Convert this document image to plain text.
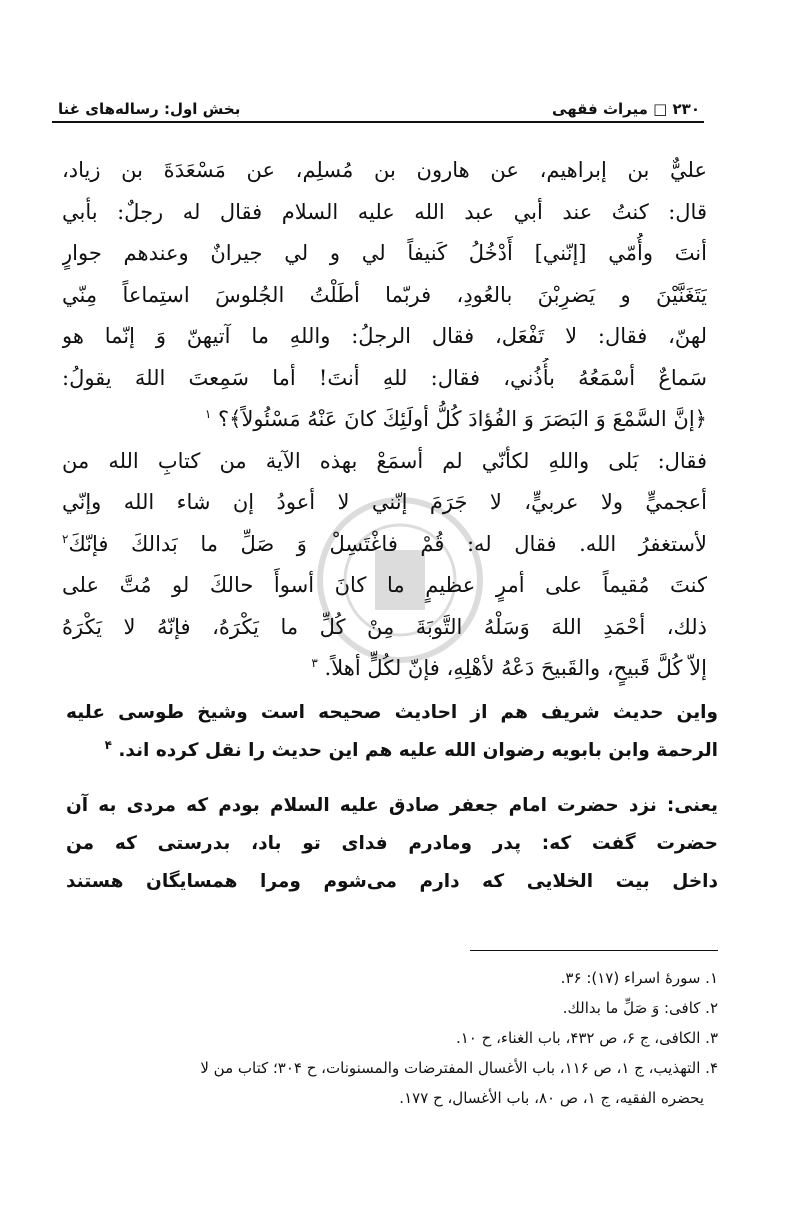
۲۳۰ □ میراث فقهی
بخش اول: رساله‌های غنا
عليٌّ بن إبراهيم، عن هارون بن مُسلِم، عن مَسْعَدَةَ بن زياد،
قال: كنتُ عند أبي عبد الله عليه السلام فقال له رجلٌ: بأبي
أنتَ وأُمّي [إنّني] أَدْخُلُ كَنيفاً لي و لي جيرانٌ وعندهم جوارٍ
يَتَغَنَّيْنَ و يَضرِبْنَ بالعُودِ، فربّما أطَلْتُ الجُلوسَ استِماعاً مِنّي
لهنّ، فقال: لا تَفْعَل، فقال الرجلُ: واللهِ ما آتيهنّ وَ إنّما هو
سَماعٌ أسْمَعُهُ بأُذُني، فقال: للهِ أنتَ! أما سَمِعتَ اللهَ يقولُ:
﴿إنَّ السَّمْعَ وَ البَصَرَ وَ الفُؤادَ كُلُّ أولَئِكَ كانَ عَنْهُ مَسْئُولاً﴾؟ $^۱$
فقال: بَلى واللهِ لكأنّي لم أسمَعْ بهذه الآية من كتابِ الله من
أعجميٍّ ولا عربيٍّ، لا جَرَمَ إنّني لا أعودُ إن شاء الله وإنّي
لأستغفرُ الله. فقال له: قُمْ فاغْتَسِلْ وَ صَلِّ ما بَدالكَ فإنّكَ$^۲$
كنتَ مُقيماً على أمرٍ عظيمٍ ما كانَ أسوأَ حالكَ لو مُتَّ على
ذلك، أحْمَدِ اللهَ وَسَلْهُ التَّوبَةَ مِنْ كُلِّ ما يَكْرَهُ، فإنّهُ لا يَكْرَهُ
إلاّ كُلَّ قَبيحٍ، والقَبيحَ دَعْهُ لأهْلِهِ، فإنّ لكُلٍّ أهلاً. $^۳$
واین حدیث شریف هم از احادیث صحیحه است وشیخ طوسی علیه
الرحمة وابن بابویه رضوان الله علیه هم این حدیث را نقل کرده اند. $^۴$
یعنی: نزد حضرت امام جعفر صادق علیه السلام بودم که مردی به آن
حضرت گفت که: پدر ومادرم فدای تو باد، بدرستی که من
داخل بیت الخلایی که دارم می‌شوم ومرا همسایگان هستند
۱. سورهٔ اسراء (۱۷): ۳۶.
۲. کافی: وَ صَلِّ ما بدالك.
۳. الکافی، ج ۶، ص ۴۳۲، باب الغناء، ح ۱۰.
۴. التهذیب، ج ۱، ص ۱۱۶، باب الأغسال المفترضات والمسنونات، ح ۳۰۴؛ کتاب من لا
یحضره الفقیه، ج ۱، ص ۸۰، باب الأغسال، ح ۱۷۷.
